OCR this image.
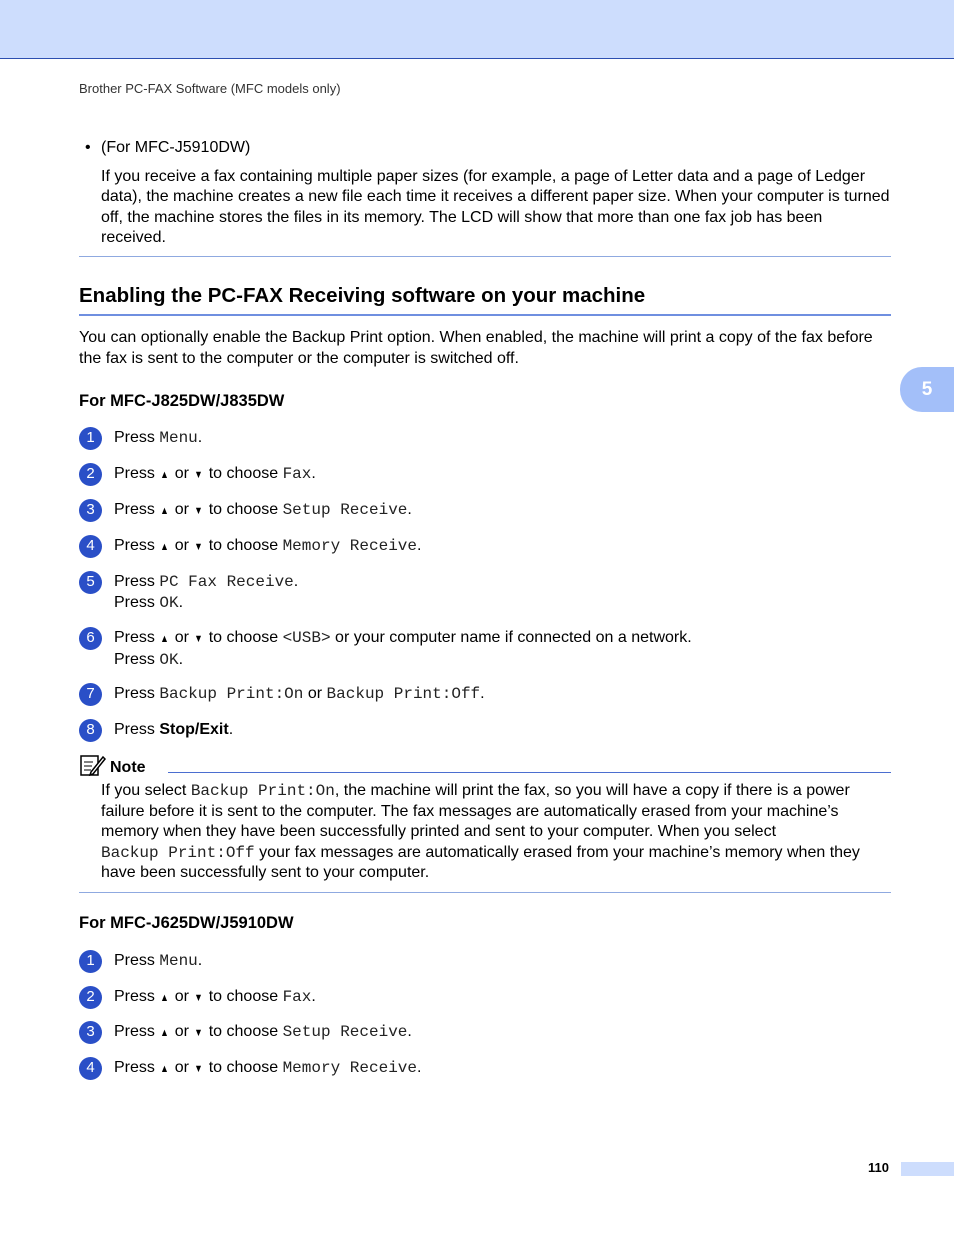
Brother PC-FAX Software (MFC models only)
• (For MFC-J5910DW)
If you receive a fax containing multiple paper sizes (for example, a page of Letter data and a page of Ledger data), the machine creates a new file each time it receives a different paper size. When your computer is turned off, the machine stores the files in its memory. The LCD will show that more than one fax job has been received.
Enabling the PC-FAX Receiving software on your machine
You can optionally enable the Backup Print option. When enabled, the machine will print a copy of the fax before the fax is sent to the computer or the computer is switched off.
5
For MFC-J825DW/J835DW
1	Press Menu.
2	Press ▲ or ▼ to choose Fax.
3	Press ▲ or ▼ to choose Setup Receive.
4	Press ▲ or ▼ to choose Memory Receive.
5	Press PC Fax Receive.
Press OK.
6	Press ▲ or ▼ to choose <USB> or your computer name if connected on a network.
Press OK.
7	Press Backup Print:On or Backup Print:Off.
8	Press Stop/Exit.
Note
If you select Backup Print:On, the machine will print the fax, so you will have a copy if there is a power failure before it is sent to the computer. The fax messages are automatically erased from your machine’s memory when they have been successfully printed and sent to your computer. When you select
Backup Print:Off your fax messages are automatically erased from your machine’s memory when they have been successfully sent to your computer.
For MFC-J625DW/J5910DW
1	Press Menu.
2	Press ▲ or ▼ to choose Fax.
3	Press ▲ or ▼ to choose Setup Receive.
4	Press ▲ or ▼ to choose Memory Receive.
110
